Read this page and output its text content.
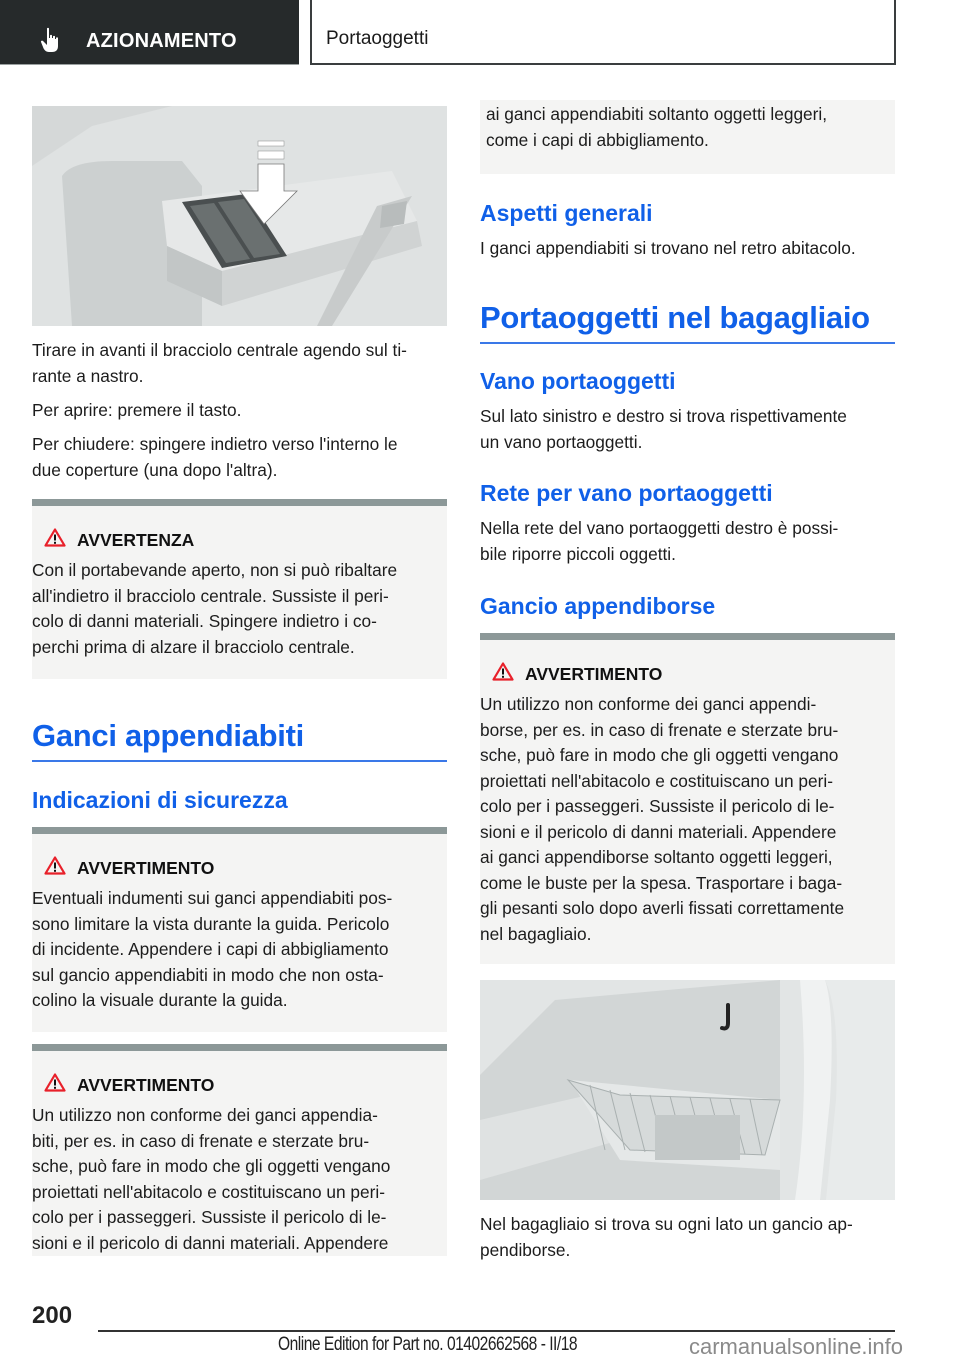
AZIONAMENTO	Portaoggetti
Tirare in avanti il bracciolo centrale agendo sul ti-
rante a nastro.
Per aprire: premere il tasto.
Per chiudere: spingere indietro verso l'interno le
due coperture (una dopo l'altra).
AVVERTENZA
Con il portabevande aperto, non si può ribaltare
all'indietro il bracciolo centrale. Sussiste il peri-
colo di danni materiali. Spingere indietro i co-
perchi prima di alzare il bracciolo centrale.
Ganci appendiabiti
Indicazioni di sicurezza
AVVERTIMENTO
Eventuali indumenti sui ganci appendiabiti pos-
sono limitare la vista durante la guida. Pericolo
di incidente. Appendere i capi di abbigliamento
sul gancio appendiabiti in modo che non osta-
colino la visuale durante la guida.
AVVERTIMENTO
Un utilizzo non conforme dei ganci appendia-
biti, per es. in caso di frenate e sterzate bru-
sche, può fare in modo che gli oggetti vengano
proiettati nell'abitacolo e costituiscano un peri-
colo per i passeggeri. Sussiste il pericolo di le-
sioni e il pericolo di danni materiali. Appendere
ai ganci appendiabiti soltanto oggetti leggeri,
come i capi di abbigliamento.
Aspetti generali
I ganci appendiabiti si trovano nel retro abitacolo.
Portaoggetti nel bagagliaio
Vano portaoggetti
Sul lato sinistro e destro si trova rispettivamente
un vano portaoggetti.
Rete per vano portaoggetti
Nella rete del vano portaoggetti destro è possi-
bile riporre piccoli oggetti.
Gancio appendiborse
AVVERTIMENTO
Un utilizzo non conforme dei ganci appendi-
borse, per es. in caso di frenate e sterzate bru-
sche, può fare in modo che gli oggetti vengano
proiettati nell'abitacolo e costituiscano un peri-
colo per i passeggeri. Sussiste il pericolo di le-
sioni e il pericolo di danni materiali. Appendere
ai ganci appendiborse soltanto oggetti leggeri,
come le buste per la spesa. Trasportare i baga-
gli pesanti solo dopo averli fissati correttamente
nel bagagliaio.
Nel bagagliaio si trova su ogni lato un gancio ap-
pendiborse.
200
Online Edition for Part no. 01402662568 - II/18	carmanualsonline.info
